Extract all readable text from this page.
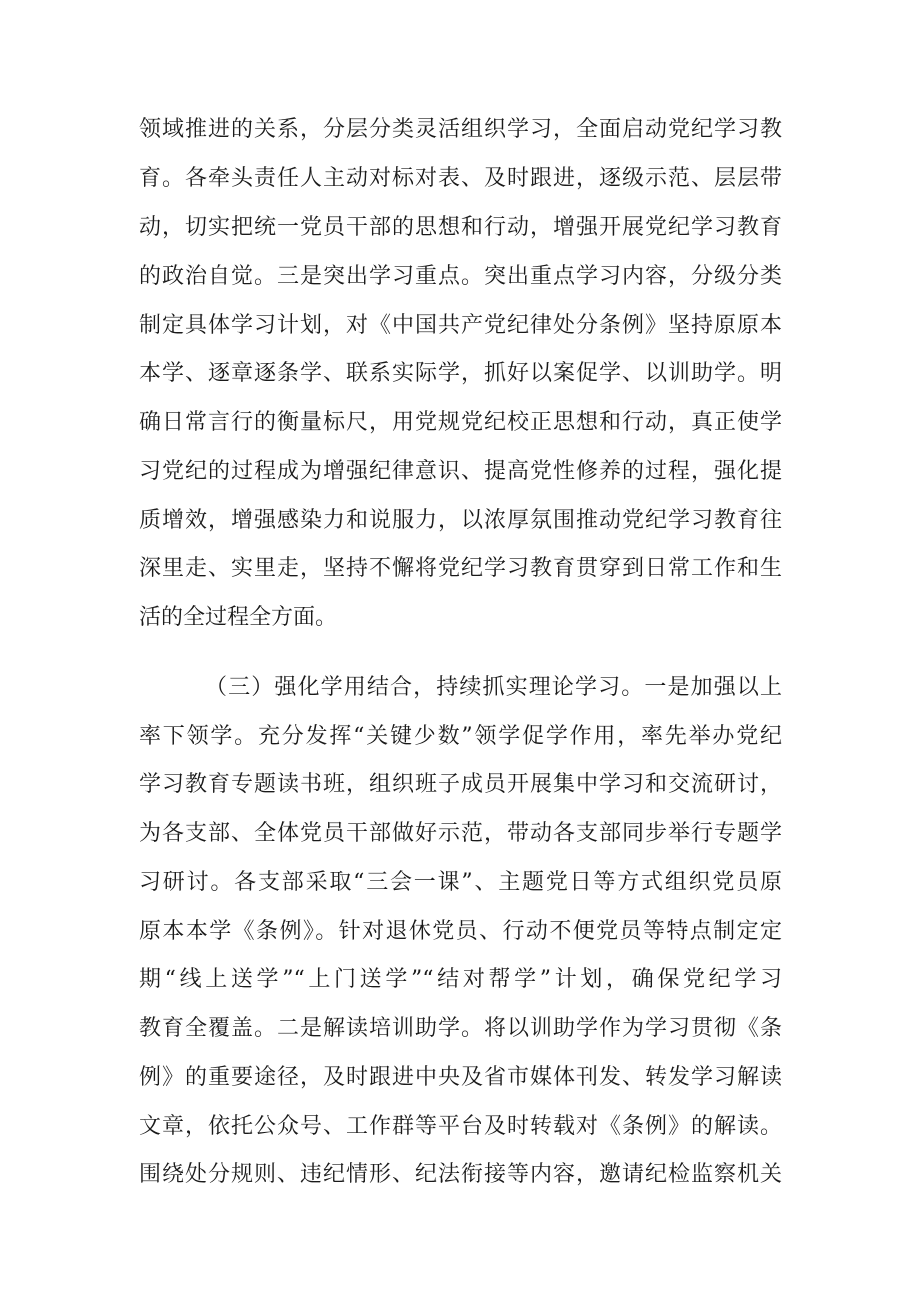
领域推进的关系，分层分类灵活组织学习，全面启动党纪学习教

育。各牵头责任人主动对标对表、及时跟进，逐级示范、层层带

动，切实把统一党员干部的思想和行动，增强开展党纪学习教育

的政治自觉。三是突出学习重点。突出重点学习内容，分级分类

制定具体学习计划，对《中国共产党纪律处分条例》坚持原原本

本学、逐章逐条学、联系实际学，抓好以案促学、以训助学。明

确日常言行的衡量标尺，用党规党纪校正思想和行动，真正使学

习党纪的过程成为增强纪律意识、提高党性修养的过程，强化提

质增效，增强感染力和说服力，以浓厚氛围推动党纪学习教育往

深里走、实里走，坚持不懈将党纪学习教育贯穿到日常工作和生

活的全过程全方面。

（三）强化学用结合，持续抓实理论学习。一是加强以上

率下领学。充分发挥“关键少数”领学促学作用，率先举办党纪

学习教育专题读书班，组织班子成员开展集中学习和交流研讨，

为各支部、全体党员干部做好示范，带动各支部同步举行专题学

习研讨。各支部采取“三会一课”、主题党日等方式组织党员原

原本本学《条例》。针对退休党员、行动不便党员等特点制定定

期“线上送学”“上门送学”“结对帮学”计划，确保党纪学习

教育全覆盖。二是解读培训助学。将以训助学作为学习贯彻《条

例》的重要途径，及时跟进中央及省市媒体刊发、转发学习解读

文章，依托公众号、工作群等平台及时转载对《条例》的解读。

围绕处分规则、违纪情形、纪法衔接等内容，邀请纪检监察机关
